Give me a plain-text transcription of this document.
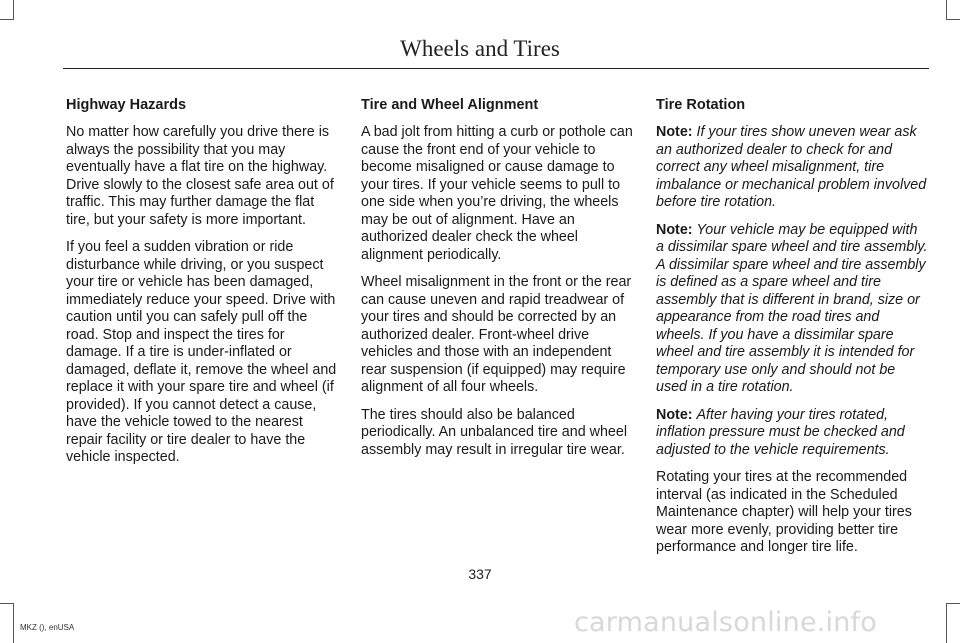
Wheels and Tires
Highway Hazards

No matter how carefully you drive there is always the possibility that you may eventually have a flat tire on the highway. Drive slowly to the closest safe area out of traffic. This may further damage the flat tire, but your safety is more important.

If you feel a sudden vibration or ride disturbance while driving, or you suspect your tire or vehicle has been damaged, immediately reduce your speed. Drive with caution until you can safely pull off the road. Stop and inspect the tires for damage. If a tire is under-inflated or damaged, deflate it, remove the wheel and replace it with your spare tire and wheel (if provided). If you cannot detect a cause, have the vehicle towed to the nearest repair facility or tire dealer to have the vehicle inspected.

Tire and Wheel Alignment

A bad jolt from hitting a curb or pothole can cause the front end of your vehicle to become misaligned or cause damage to your tires. If your vehicle seems to pull to one side when you’re driving, the wheels may be out of alignment. Have an authorized dealer check the wheel alignment periodically.

Wheel misalignment in the front or the rear can cause uneven and rapid treadwear of your tires and should be corrected by an authorized dealer. Front-wheel drive vehicles and those with an independent rear suspension (if equipped) may require alignment of all four wheels.

The tires should also be balanced periodically. An unbalanced tire and wheel assembly may result in irregular tire wear.

Tire Rotation

Note: If your tires show uneven wear ask an authorized dealer to check for and correct any wheel misalignment, tire imbalance or mechanical problem involved before tire rotation.

Note: Your vehicle may be equipped with a dissimilar spare wheel and tire assembly. A dissimilar spare wheel and tire assembly is defined as a spare wheel and tire assembly that is different in brand, size or appearance from the road tires and wheels. If you have a dissimilar spare wheel and tire assembly it is intended for temporary use only and should not be used in a tire rotation.

Note: After having your tires rotated, inflation pressure must be checked and adjusted to the vehicle requirements.

Rotating your tires at the recommended interval (as indicated in the Scheduled Maintenance chapter) will help your tires wear more evenly, providing better tire performance and longer tire life.

337
MKZ (), enUSA	carmanualsonline.info
